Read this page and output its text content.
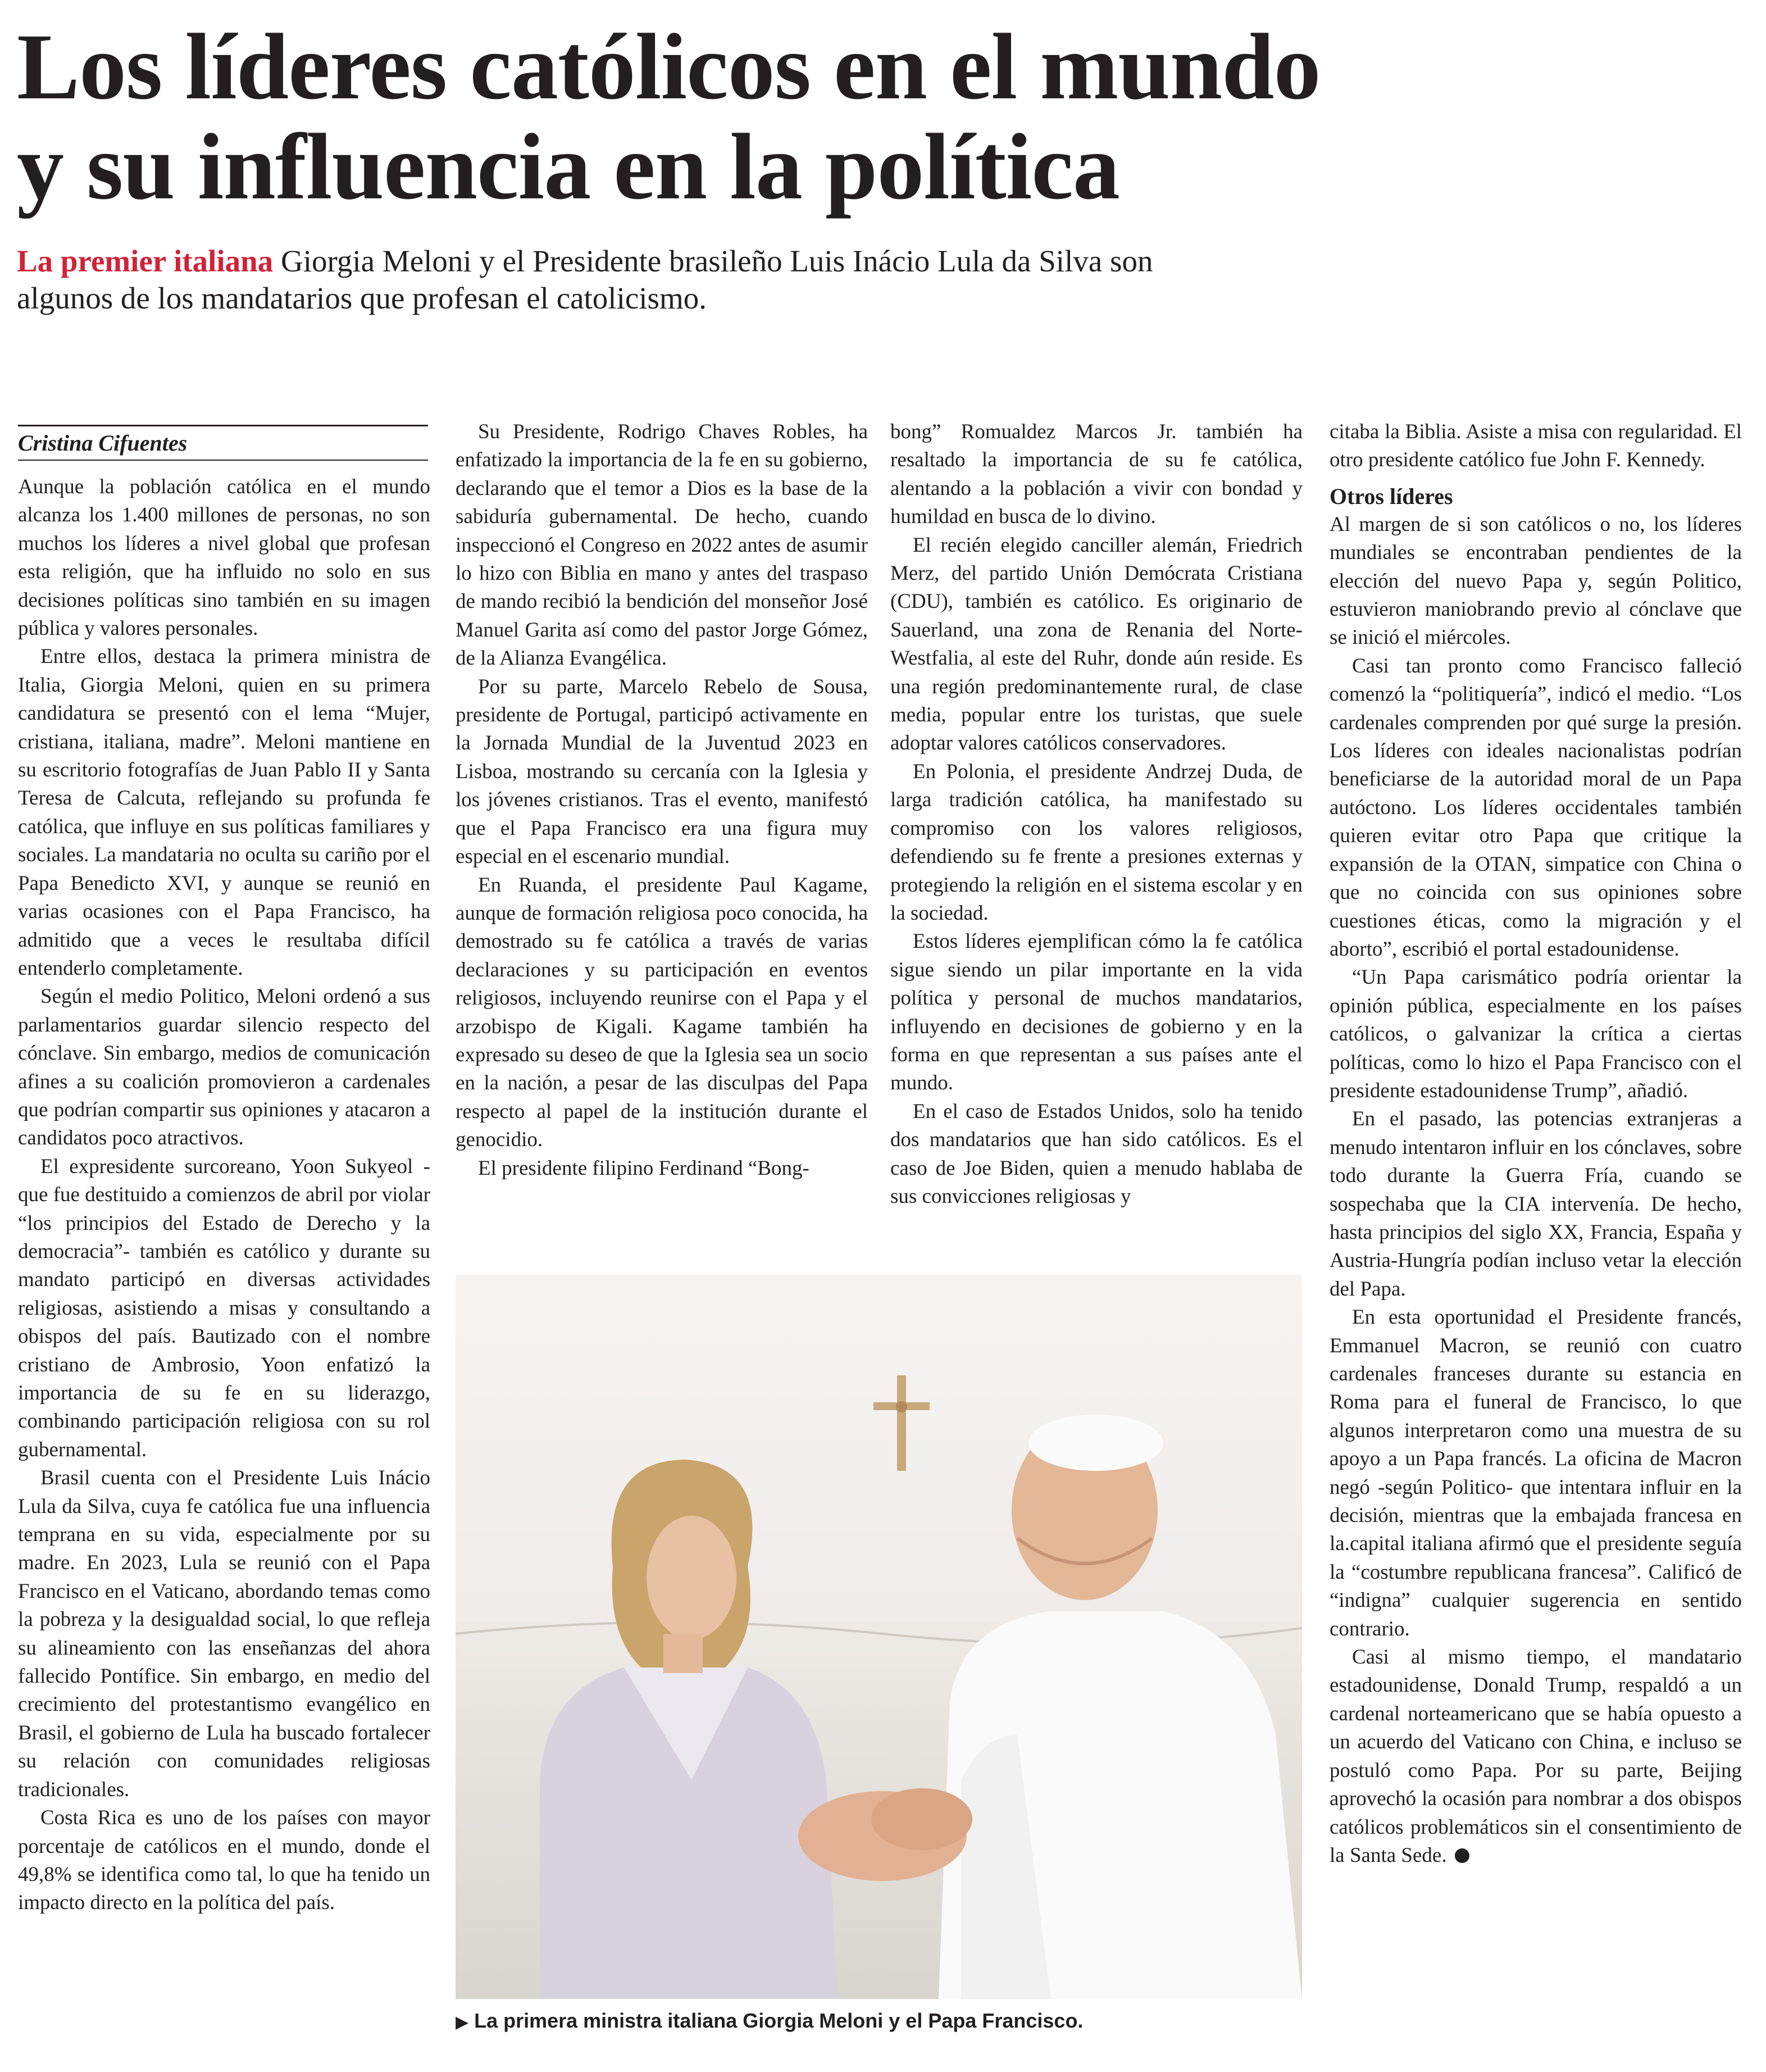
Los líderes católicos en el mundo
y su influencia en la política

La premier italiana Giorgia Meloni y el Presidente brasileño Luis Inácio Lula da Silva son algunos de los mandatarios que profesan el catolicismo.

Cristina Cifuentes

Aunque la población católica en el mundo alcanza los 1.400 millones de personas, no son muchos los líderes a nivel global que profesan esta religión, que ha influido no solo en sus decisiones políticas sino también en su imagen pública y valores personales.

Entre ellos, destaca la primera ministra de Italia, Giorgia Meloni, quien en su primera candidatura se presentó con el lema “Mujer, cristiana, italiana, madre”. Meloni mantiene en su escritorio fotografías de Juan Pablo II y Santa Teresa de Calcuta, reflejando su profunda fe católica, que influye en sus políticas familiares y sociales. La mandataria no oculta su cariño por el Papa Benedicto XVI, y aunque se reunió en varias ocasiones con el Papa Francisco, ha admitido que a veces le resultaba difícil entenderlo completamente.

Según el medio Politico, Meloni ordenó a sus parlamentarios guardar silencio respecto del cónclave. Sin embargo, medios de comunicación afines a su coalición promovieron a cardenales que podrían compartir sus opiniones y atacaron a candidatos poco atractivos.

El expresidente surcoreano, Yoon Sukyeol -que fue destituido a comienzos de abril por violar “los principios del Estado de Derecho y la democracia”- también es católico y durante su mandato participó en diversas actividades religiosas, asistiendo a misas y consultando a obispos del país. Bautizado con el nombre cristiano de Ambrosio, Yoon enfatizó la importancia de su fe en su liderazgo, combinando participación religiosa con su rol gubernamental.

Brasil cuenta con el Presidente Luis Inácio Lula da Silva, cuya fe católica fue una influencia temprana en su vida, especialmente por su madre. En 2023, Lula se reunió con el Papa Francisco en el Vaticano, abordando temas como la pobreza y la desigualdad social, lo que refleja su alineamiento con las enseñanzas del ahora fallecido Pontífice. Sin embargo, en medio del crecimiento del protestantismo evangélico en Brasil, el gobierno de Lula ha buscado fortalecer su relación con comunidades religiosas tradicionales.

Costa Rica es uno de los países con mayor porcentaje de católicos en el mundo, donde el 49,8% se identifica como tal, lo que ha tenido un impacto directo en la política del país.

Su Presidente, Rodrigo Chaves Robles, ha enfatizado la importancia de la fe en su gobierno, declarando que el temor a Dios es la base de la sabiduría gubernamental. De hecho, cuando inspeccionó el Congreso en 2022 antes de asumir lo hizo con Biblia en mano y antes del traspaso de mando recibió la bendición del monseñor José Manuel Garita así como del pastor Jorge Gómez, de la Alianza Evangélica.

Por su parte, Marcelo Rebelo de Sousa, presidente de Portugal, participó activamente en la Jornada Mundial de la Juventud 2023 en Lisboa, mostrando su cercanía con la Iglesia y los jóvenes cristianos. Tras el evento, manifestó que el Papa Francisco era una figura muy especial en el escenario mundial.

En Ruanda, el presidente Paul Kagame, aunque de formación religiosa poco conocida, ha demostrado su fe católica a través de varias declaraciones y su participación en eventos religiosos, incluyendo reunirse con el Papa y el arzobispo de Kigali. Kagame también ha expresado su deseo de que la Iglesia sea un socio en la nación, a pesar de las disculpas del Papa respecto al papel de la institución durante el genocidio.

El presidente filipino Ferdinand “Bong-

bong” Romualdez Marcos Jr. también ha resaltado la importancia de su fe católica, alentando a la población a vivir con bondad y humildad en busca de lo divino.

El recién elegido canciller alemán, Friedrich Merz, del partido Unión Demócrata Cristiana (CDU), también es católico. Es originario de Sauerland, una zona de Renania del Norte-Westfalia, al este del Ruhr, donde aún reside. Es una región predominantemente rural, de clase media, popular entre los turistas, que suele adoptar valores católicos conservadores.

En Polonia, el presidente Andrzej Duda, de larga tradición católica, ha manifestado su compromiso con los valores religiosos, defendiendo su fe frente a presiones externas y protegiendo la religión en el sistema escolar y en la sociedad.

Estos líderes ejemplifican cómo la fe católica sigue siendo un pilar importante en la vida política y personal de muchos mandatarios, influyendo en decisiones de gobierno y en la forma en que representan a sus países ante el mundo.

En el caso de Estados Unidos, solo ha tenido dos mandatarios que han sido católicos. Es el caso de Joe Biden, quien a menudo hablaba de sus convicciones religiosas y

citaba la Biblia. Asiste a misa con regularidad. El otro presidente católico fue John F. Kennedy.

Otros líderes

Al margen de si son católicos o no, los líderes mundiales se encontraban pendientes de la elección del nuevo Papa y, según Politico, estuvieron maniobrando previo al cónclave que se inició el miércoles.

Casi tan pronto como Francisco falleció comenzó la “politiquería”, indicó el medio. “Los cardenales comprenden por qué surge la presión. Los líderes con ideales nacionalistas podrían beneficiarse de la autoridad moral de un Papa autóctono. Los líderes occidentales también quieren evitar otro Papa que critique la expansión de la OTAN, simpatice con China o que no coincida con sus opiniones sobre cuestiones éticas, como la migración y el aborto”, escribió el portal estadounidense.

“Un Papa carismático podría orientar la opinión pública, especialmente en los países católicos, o galvanizar la crítica a ciertas políticas, como lo hizo el Papa Francisco con el presidente estadounidense Trump”, añadió.

En el pasado, las potencias extranjeras a menudo intentaron influir en los cónclaves, sobre todo durante la Guerra Fría, cuando se sospechaba que la CIA intervenía. De hecho, hasta principios del siglo XX, Francia, España y Austria-Hungría podían incluso vetar la elección del Papa.

En esta oportunidad el Presidente francés, Emmanuel Macron, se reunió con cuatro cardenales franceses durante su estancia en Roma para el funeral de Francisco, lo que algunos interpretaron como una muestra de su apoyo a un Papa francés. La oficina de Macron negó -según Politico- que intentara influir en la decisión, mientras que la embajada francesa en la.capital italiana afirmó que el presidente seguía la “costumbre republicana francesa”. Calificó de “indigna” cualquier sugerencia en sentido contrario.

Casi al mismo tiempo, el mandatario estadounidense, Donald Trump, respaldó a un cardenal norteamericano que se había opuesto a un acuerdo del Vaticano con China, e incluso se postuló como Papa. Por su parte, Beijing aprovechó la ocasión para nombrar a dos obispos católicos problemáticos sin el consentimiento de la Santa Sede.

▶ La primera ministra italiana Giorgia Meloni y el Papa Francisco.
